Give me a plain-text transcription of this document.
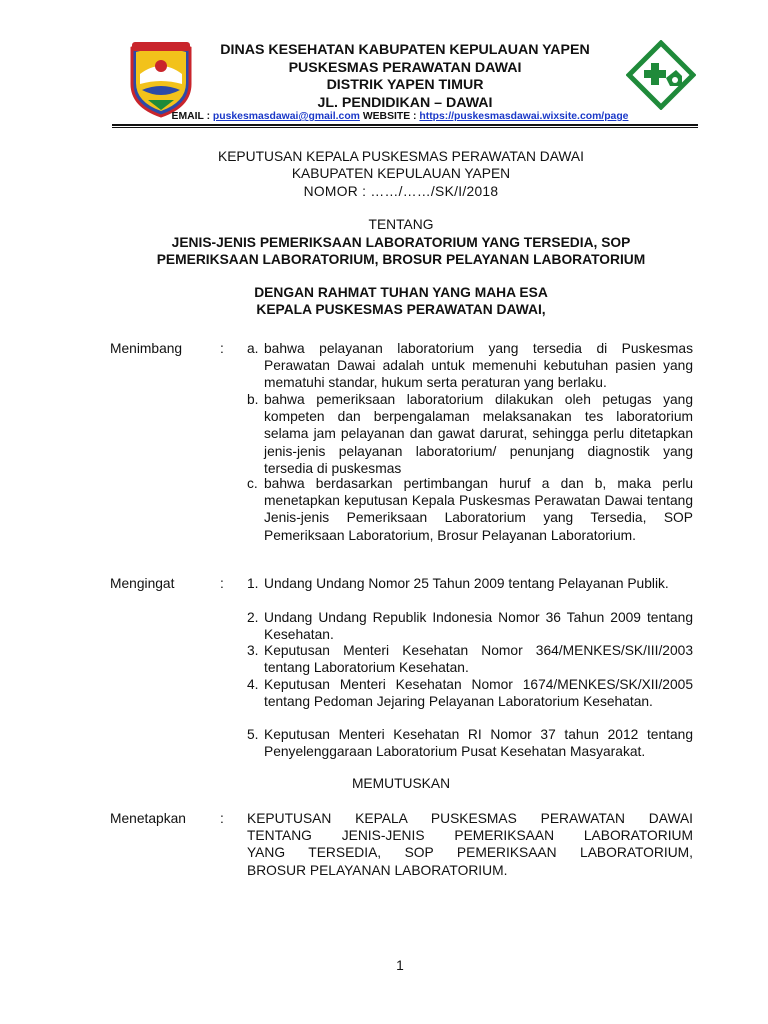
DINAS KESEHATAN KABUPATEN KEPULAUAN YAPEN
PUSKESMAS PERAWATAN DAWAI
DISTRIK YAPEN TIMUR
JL. PENDIDIKAN – DAWAI
EMAIL : puskesmasdawai@gmail.com WEBSITE : https://puskesmasdawai.wixsite.com/page
KEPUTUSAN KEPALA PUSKESMAS PERAWATAN DAWAI
KABUPATEN KEPULAUAN YAPEN
NOMOR : ……/……/SK/I/2018
TENTANG
JENIS-JENIS PEMERIKSAAN LABORATORIUM YANG TERSEDIA, SOP
PEMERIKSAAN LABORATORIUM, BROSUR PELAYANAN LABORATORIUM
DENGAN RAHMAT TUHAN YANG MAHA ESA
KEPALA PUSKESMAS PERAWATAN DAWAI,
Menimbang	: a. bahwa pelayanan laboratorium yang tersedia di Puskesmas Perawatan Dawai adalah untuk memenuhi kebutuhan pasien yang mematuhi standar, hukum serta peraturan yang berlaku.
b. bahwa pemeriksaan laboratorium dilakukan oleh petugas yang kompeten dan berpengalaman melaksanakan tes laboratorium selama jam pelayanan dan gawat darurat, sehingga perlu ditetapkan jenis-jenis pelayanan laboratorium/ penunjang diagnostik yang tersedia di puskesmas
c. bahwa berdasarkan pertimbangan huruf a dan b, maka perlu menetapkan keputusan Kepala Puskesmas Perawatan Dawai tentang Jenis-jenis Pemeriksaan Laboratorium yang Tersedia, SOP Pemeriksaan Laboratorium, Brosur Pelayanan Laboratorium.
Mengingat	: 1. Undang Undang Nomor 25 Tahun 2009 tentang Pelayanan Publik.
2. Undang Undang Republik Indonesia Nomor 36 Tahun 2009 tentang Kesehatan.
3. Keputusan Menteri Kesehatan Nomor 364/MENKES/SK/III/2003 tentang Laboratorium Kesehatan.
4. Keputusan Menteri Kesehatan Nomor 1674/MENKES/SK/XII/2005 tentang Pedoman Jejaring Pelayanan Laboratorium Kesehatan.
5. Keputusan Menteri Kesehatan RI Nomor 37 tahun 2012 tentang Penyelenggaraan Laboratorium Pusat Kesehatan Masyarakat.
MEMUTUSKAN
Menetapkan : KEPUTUSAN KEPALA PUSKESMAS PERAWATAN DAWAI
TENTANG JENIS-JENIS PEMERIKSAAN LABORATORIUM
YANG TERSEDIA, SOP PEMERIKSAAN LABORATORIUM,
BROSUR PELAYANAN LABORATORIUM.
1
